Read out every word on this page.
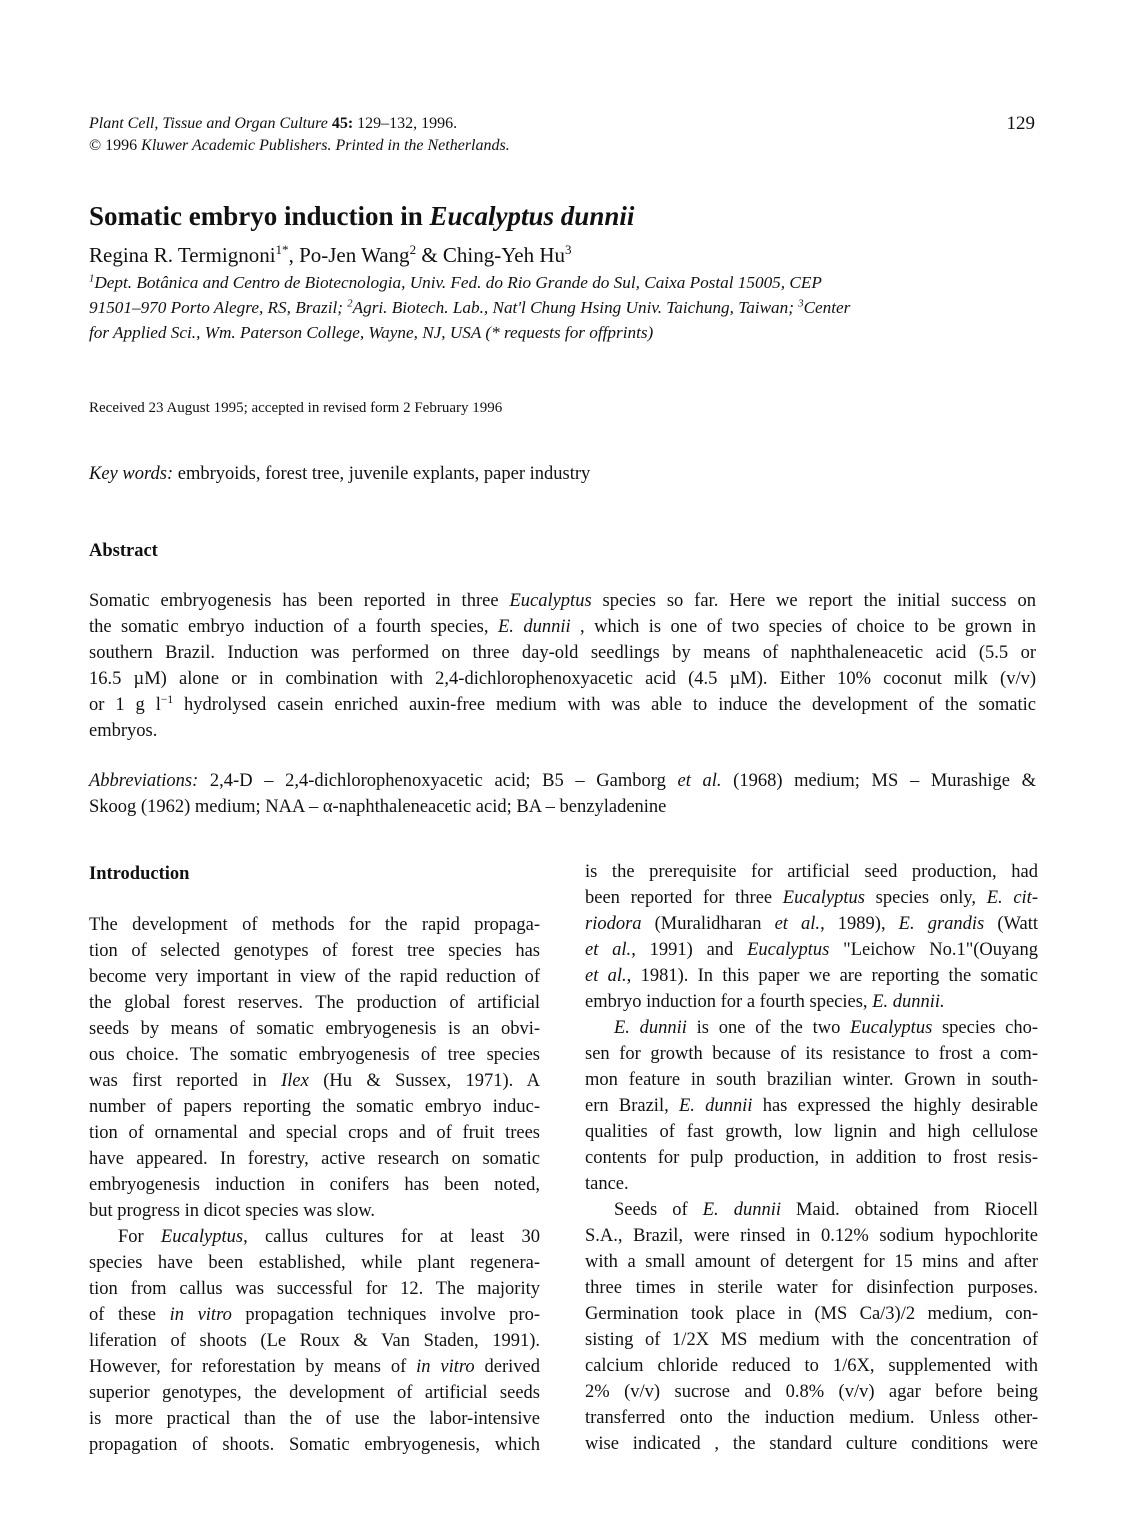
Plant Cell, Tissue and Organ Culture 45: 129–132, 1996.
© 1996 Kluwer Academic Publishers. Printed in the Netherlands.
129
Somatic embryo induction in Eucalyptus dunnii
Regina R. Termignoni$^{1*}$, Po-Jen Wang$^2$ & Ching-Yeh Hu$^3$
$^1$Dept. Botânica and Centro de Biotecnologia, Univ. Fed. do Rio Grande do Sul, Caixa Postal 15005, CEP
91501–970 Porto Alegre, RS, Brazil; $^2$Agri. Biotech. Lab., Nat'l Chung Hsing Univ. Taichung, Taiwan; $^3$Center
for Applied Sci., Wm. Paterson College, Wayne, NJ, USA (* requests for offprints)
Received 23 August 1995; accepted in revised form 2 February 1996
Key words: embryoids, forest tree, juvenile explants, paper industry
Abstract
Somatic embryogenesis has been reported in three Eucalyptus species so far. Here we report the initial success on
the somatic embryo induction of a fourth species, E. dunnii , which is one of two species of choice to be grown in
southern Brazil. Induction was performed on three day-old seedlings by means of naphthaleneacetic acid (5.5 or
16.5 µM) alone or in combination with 2,4-dichlorophenoxyacetic acid (4.5 µM). Either 10% coconut milk (v/v)
or 1 g $l^{-1}$ hydrolysed casein enriched auxin-free medium with was able to induce the development of the somatic
embryos.
Abbreviations: 2,4-D – 2,4-dichlorophenoxyacetic acid; B5 – Gamborg et al. (1968) medium; MS – Murashige &
Skoog (1962) medium; NAA – α-naphthaleneacetic acid; BA – benzyladenine
Introduction
The development of methods for the rapid propaga-
tion of selected genotypes of forest tree species has
become very important in view of the rapid reduction of
the global forest reserves. The production of artificial
seeds by means of somatic embryogenesis is an obvi-
ous choice. The somatic embryogenesis of tree species
was first reported in Ilex (Hu & Sussex, 1971). A
number of papers reporting the somatic embryo induc-
tion of ornamental and special crops and of fruit trees
have appeared. In forestry, active research on somatic
embryogenesis induction in conifers has been noted,
but progress in dicot species was slow.
For Eucalyptus, callus cultures for at least 30
species have been established, while plant regenera-
tion from callus was successful for 12. The majority
of these in vitro propagation techniques involve pro-
liferation of shoots (Le Roux & Van Staden, 1991).
However, for reforestation by means of in vitro derived
superior genotypes, the development of artificial seeds
is more practical than the of use the labor-intensive
propagation of shoots. Somatic embryogenesis, which
is the prerequisite for artificial seed production, had
been reported for three Eucalyptus species only, E. cit-
riodora (Muralidharan et al., 1989), E. grandis (Watt
et al., 1991) and Eucalyptus "Leichow No.1"(Ouyang
et al., 1981). In this paper we are reporting the somatic
embryo induction for a fourth species, E. dunnii.
E. dunnii is one of the two Eucalyptus species cho-
sen for growth because of its resistance to frost a com-
mon feature in south brazilian winter. Grown in south-
ern Brazil, E. dunnii has expressed the highly desirable
qualities of fast growth, low lignin and high cellulose
contents for pulp production, in addition to frost resis-
tance.
Seeds of E. dunnii Maid. obtained from Riocell
S.A., Brazil, were rinsed in 0.12% sodium hypochlorite
with a small amount of detergent for 15 mins and after
three times in sterile water for disinfection purposes.
Germination took place in (MS Ca/3)/2 medium, con-
sisting of 1/2X MS medium with the concentration of
calcium chloride reduced to 1/6X, supplemented with
2% (v/v) sucrose and 0.8% (v/v) agar before being
transferred onto the induction medium. Unless other-
wise indicated , the standard culture conditions were
